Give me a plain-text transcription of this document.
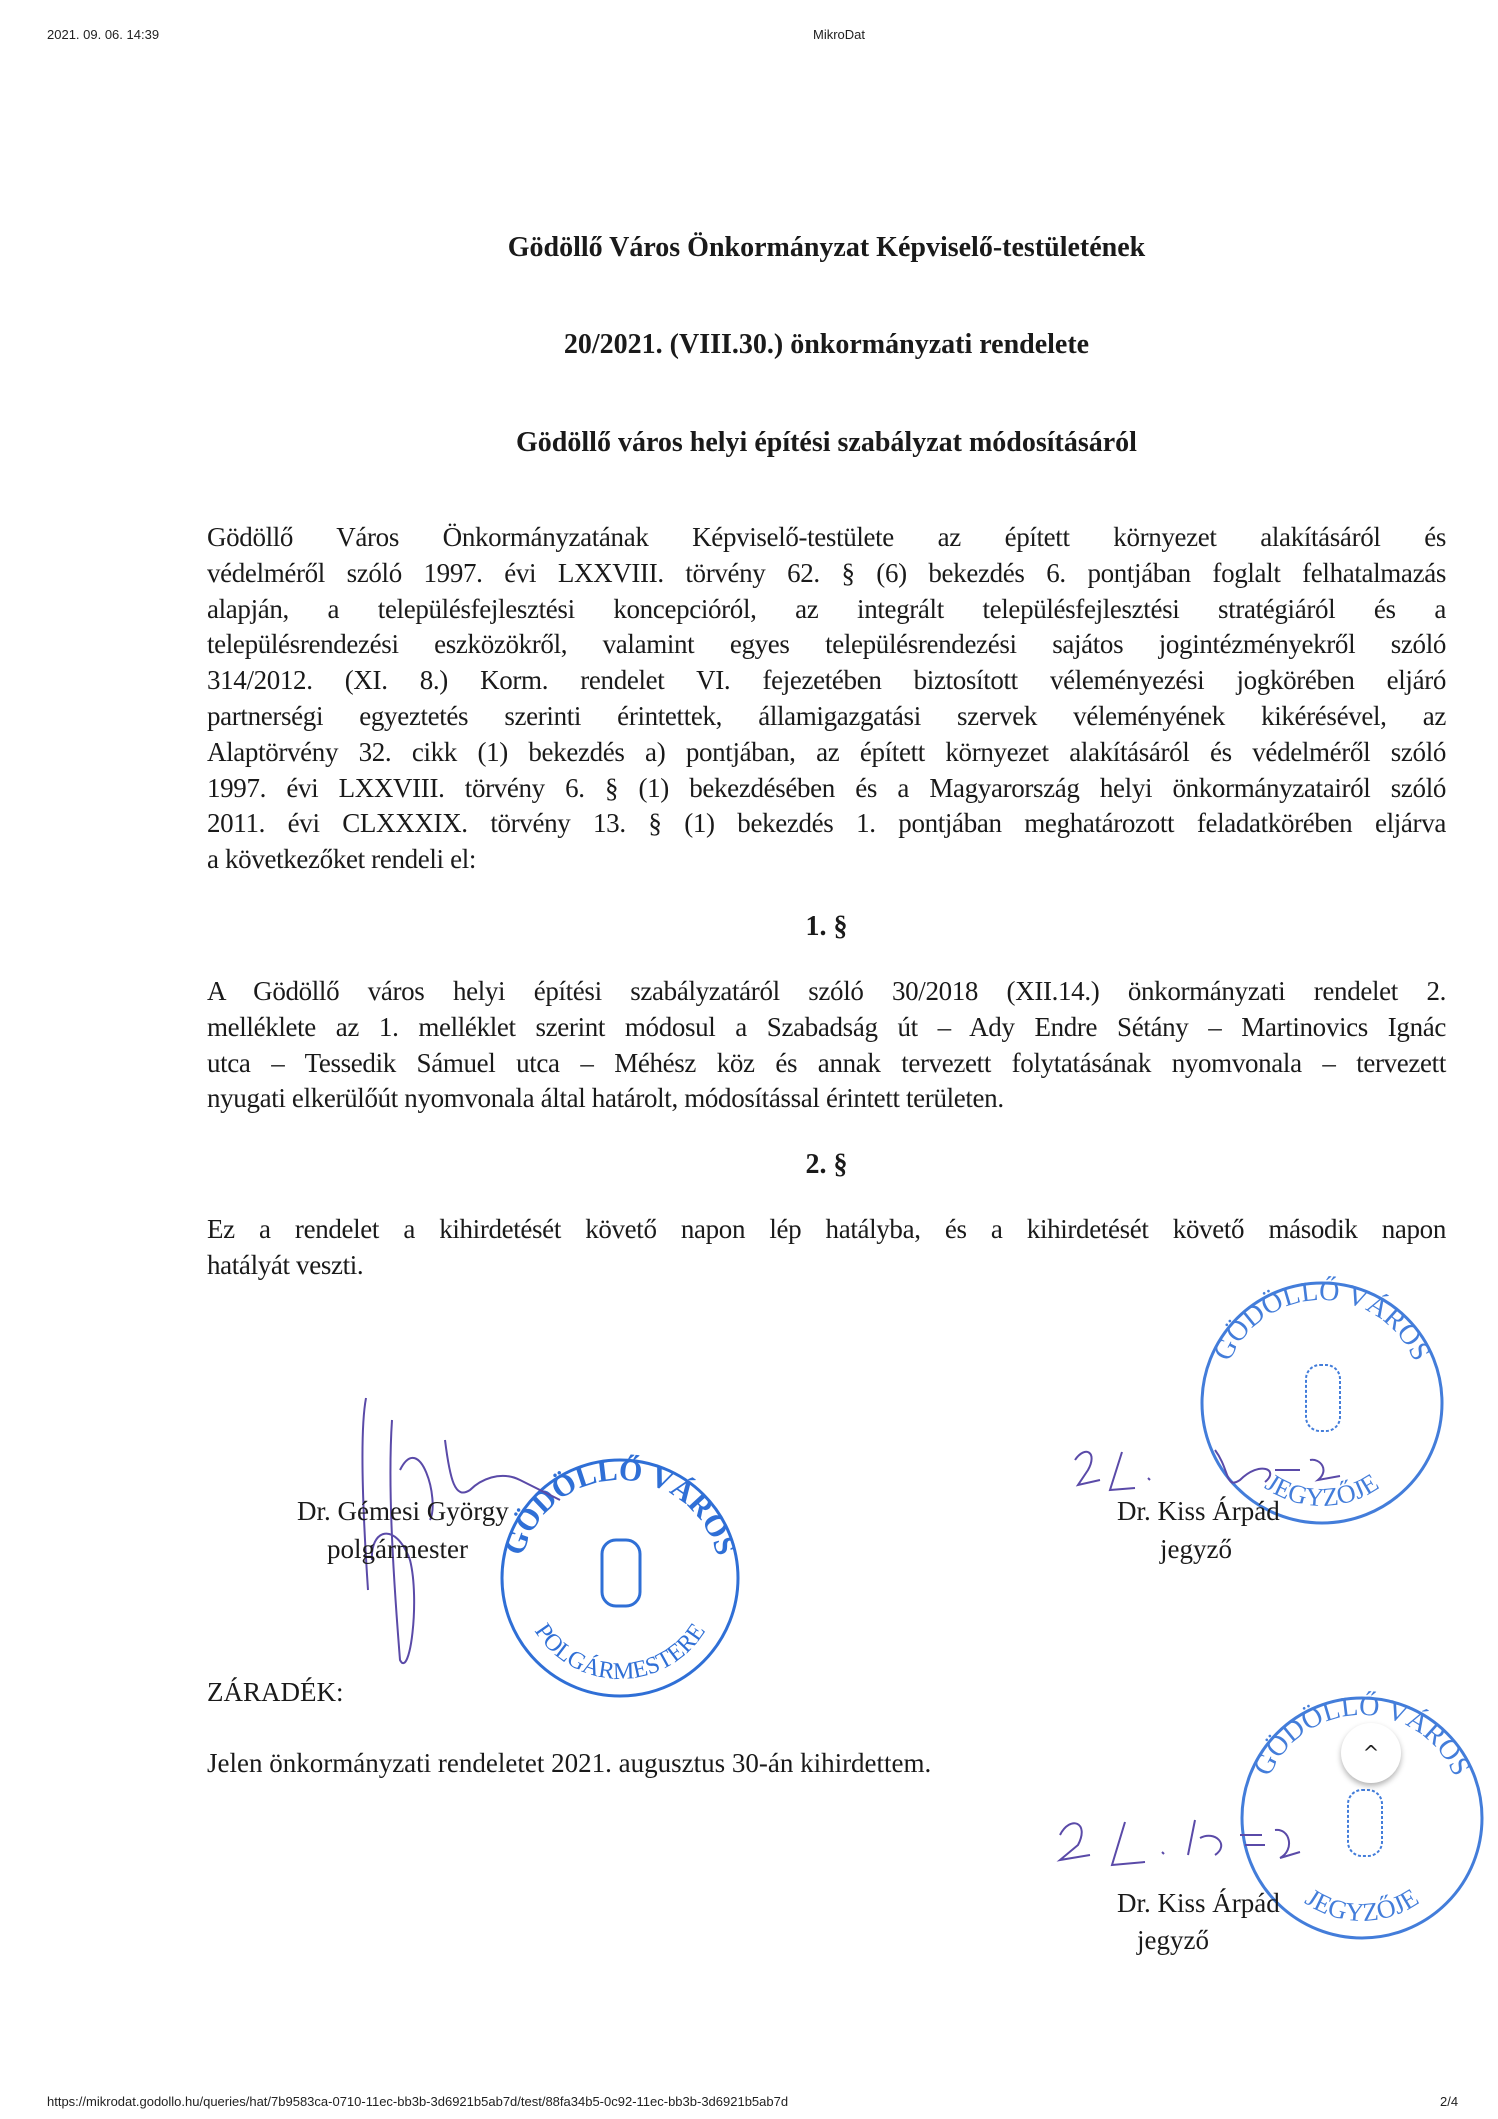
2021. 09. 06. 14:39	MikroDat
Gödöllő Város Önkormányzat Képviselő-testületének
20/2021. (VIII.30.) önkormányzati rendelete
Gödöllő város helyi építési szabályzat módosításáról
Gödöllő Város Önkormányzatának Képviselő-testülete az épített környezet alakításáról és
védelméről szóló 1997. évi LXXVIII. törvény 62. § (6) bekezdés 6. pontjában foglalt felhatalmazás
alapján, a településfejlesztési koncepcióról, az integrált településfejlesztési stratégiáról és a
településrendezési eszközökről, valamint egyes településrendezési sajátos jogintézményekről szóló
314/2012. (XI. 8.) Korm. rendelet VI. fejezetében biztosított véleményezési jogkörében eljáró
partnerségi egyeztetés szerinti érintettek, államigazgatási szervek véleményének kikérésével, az
Alaptörvény 32. cikk (1) bekezdés a) pontjában, az épített környezet alakításáról és védelméről szóló
1997. évi LXXVIII. törvény 6. § (1) bekezdésében és a Magyarország helyi önkormányzatairól szóló
2011. évi CLXXXIX. törvény 13. § (1) bekezdés 1. pontjában meghatározott feladatkörében eljárva
a következőket rendeli el:
1. §
A Gödöllő város helyi építési szabályzatáról szóló 30/2018 (XII.14.) önkormányzati rendelet 2.
melléklete az 1. melléklet szerint módosul a Szabadság út – Ady Endre Sétány – Martinovics Ignác
utca – Tessedik Sámuel utca – Méhész köz és annak tervezett folytatásának nyomvonala – tervezett
nyugati elkerülőút nyomvonala által határolt, módosítással érintett területen.
2. §
Ez a rendelet a kihirdetését követő napon lép hatályba, és a kihirdetését követő második napon
hatályát veszti.
GÖDÖLLŐ VÁROS
POLGÁRMESTERE
GÖDÖLLŐ VÁROS
JEGYZŐJE
GÖDÖLLŐ VÁROS
JEGYZŐJE
Dr. Gémesi György
polgármester
Dr. Kiss Árpád
jegyző
ZÁRADÉK:
Jelen önkormányzati rendeletet 2021. augusztus 30-án kihirdettem.
Dr. Kiss Árpád
jegyző
^
https://mikrodat.godollo.hu/queries/hat/7b9583ca-0710-11ec-bb3b-3d6921b5ab7d/test/88fa34b5-0c92-11ec-bb3b-3d6921b5ab7d	2/4
